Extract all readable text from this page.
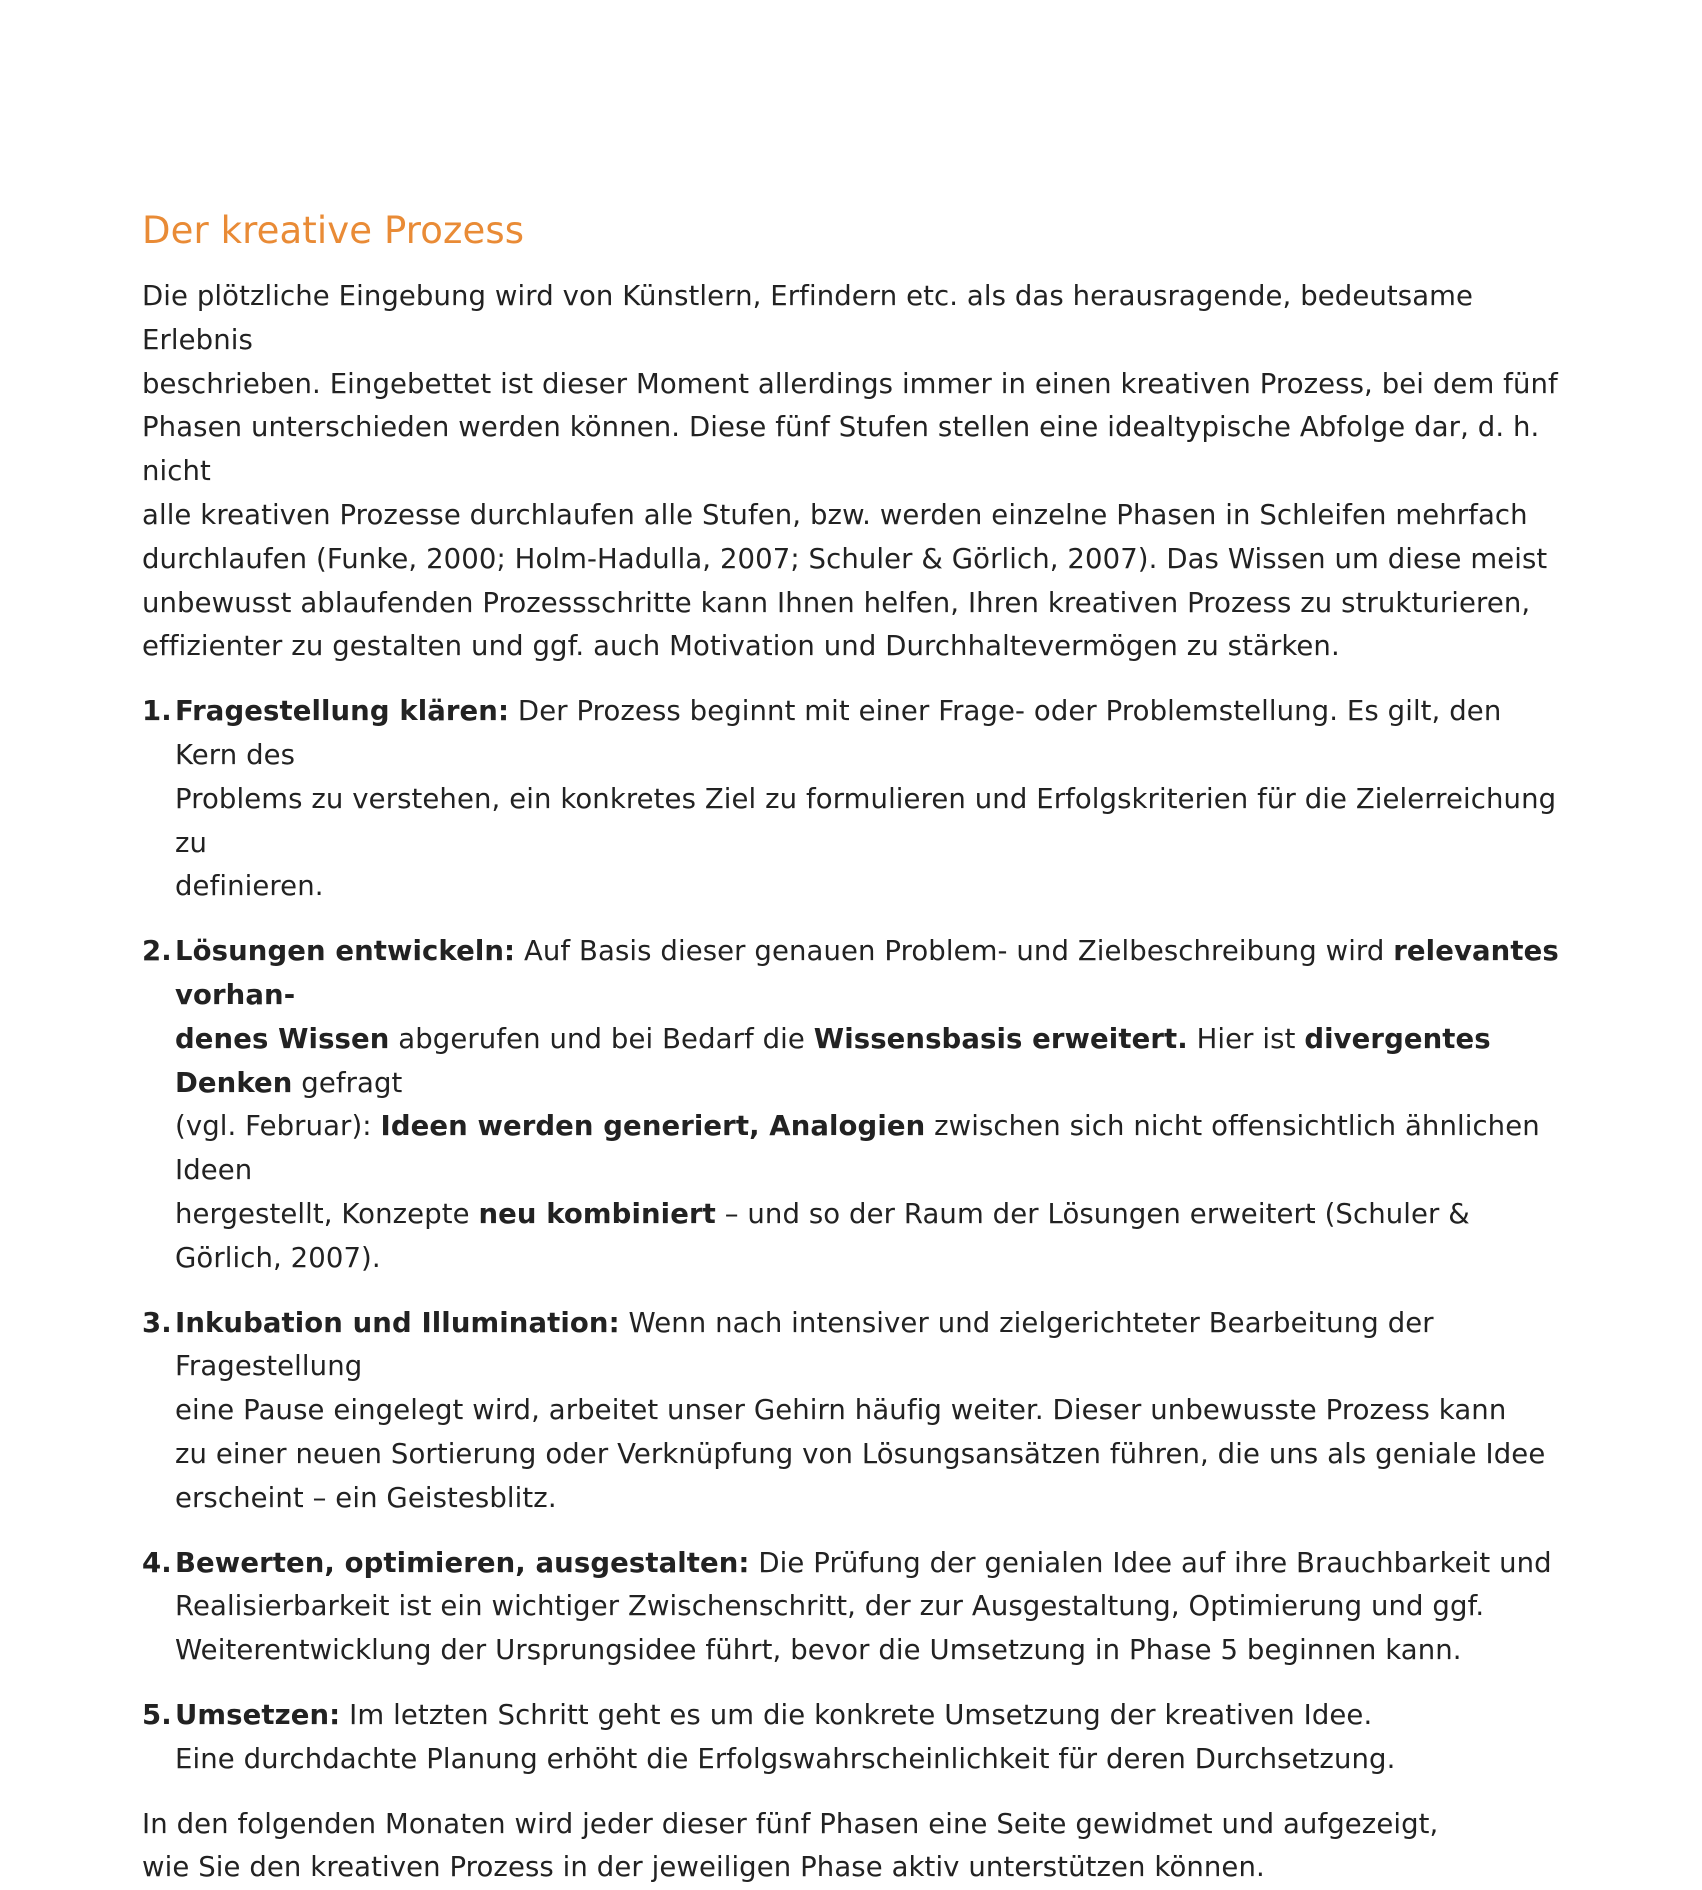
Der kreative Prozess

Die plötzliche Eingebung wird von Künstlern, Erfindern etc. als das herausragende, bedeutsame Erlebnis
beschrieben. Eingebettet ist dieser Moment allerdings immer in einen kreativen Prozess, bei dem fünf
Phasen unterschieden werden können. Diese fünf Stufen stellen eine idealtypische Abfolge dar, d. h. nicht
alle kreativen Prozesse durchlaufen alle Stufen, bzw. werden einzelne Phasen in Schleifen mehrfach
durchlaufen (Funke, 2000; Holm-Hadulla, 2007; Schuler & Görlich, 2007). Das Wissen um diese meist
unbewusst ablaufenden Prozessschritte kann Ihnen helfen, Ihren kreativen Prozess zu strukturieren,
effizienter zu gestalten und ggf. auch Motivation und Durchhaltevermögen zu stärken.

1. Fragestellung klären: Der Prozess beginnt mit einer Frage- oder Problemstellung. Es gilt, den Kern des
Problems zu verstehen, ein konkretes Ziel zu formulieren und Erfolgskriterien für die Zielerreichung zu
definieren.
2. Lösungen entwickeln: Auf Basis dieser genauen Problem- und Zielbeschreibung wird relevantes vorhan-
denes Wissen abgerufen und bei Bedarf die Wissensbasis erweitert. Hier ist divergentes Denken gefragt
(vgl. Februar): Ideen werden generiert, Analogien zwischen sich nicht offensichtlich ähnlichen Ideen
hergestellt, Konzepte neu kombiniert – und so der Raum der Lösungen erweitert (Schuler & Görlich, 2007).
3. Inkubation und Illumination: Wenn nach intensiver und zielgerichteter Bearbeitung der Fragestellung
eine Pause eingelegt wird, arbeitet unser Gehirn häufig weiter. Dieser unbewusste Prozess kann
zu einer neuen Sortierung oder Verknüpfung von Lösungsansätzen führen, die uns als geniale Idee
erscheint – ein Geistesblitz.
4. Bewerten, optimieren, ausgestalten: Die Prüfung der genialen Idee auf ihre Brauchbarkeit und
Realisierbarkeit ist ein wichtiger Zwischenschritt, der zur Ausgestaltung, Optimierung und ggf.
Weiterentwicklung der Ursprungsidee führt, bevor die Umsetzung in Phase 5 beginnen kann.
5. Umsetzen: Im letzten Schritt geht es um die konkrete Umsetzung der kreativen Idee.
Eine durchdachte Planung erhöht die Erfolgswahrscheinlichkeit für deren Durchsetzung.

In den folgenden Monaten wird jeder dieser fünf Phasen eine Seite gewidmet und aufgezeigt,
wie Sie den kreativen Prozess in der jeweiligen Phase aktiv unterstützen können.
